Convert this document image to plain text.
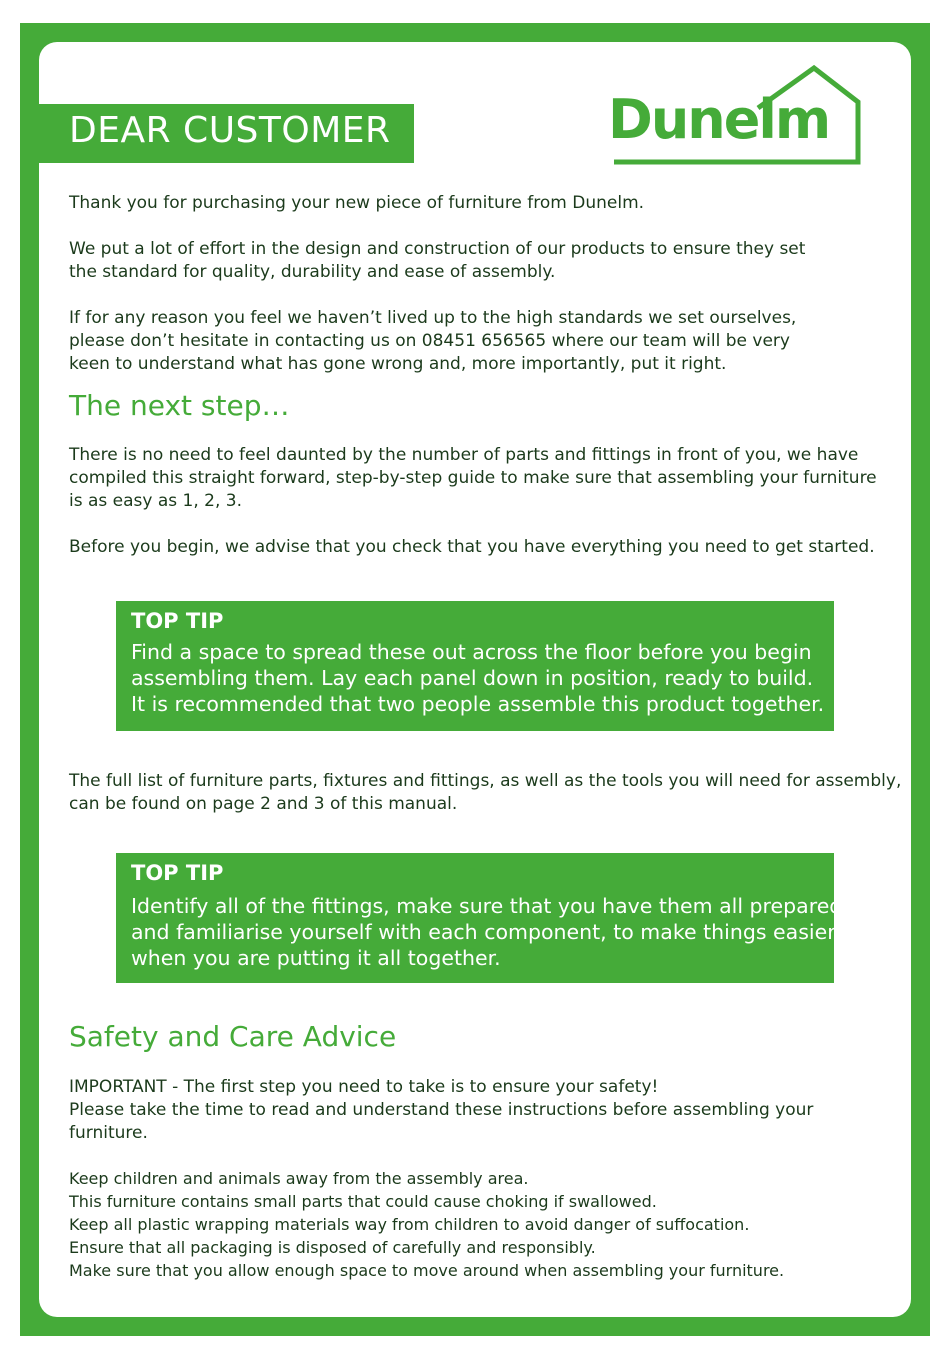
DEAR CUSTOMER	Dunelm

Thank you for purchasing your new piece of furniture from Dunelm.

We put a lot of effort in the design and construction of our products to ensure they set
the standard for quality, durability and ease of assembly.

If for any reason you feel we haven’t lived up to the high standards we set ourselves,
please don’t hesitate in contacting us on 08451 656565 where our team will be very
keen to understand what has gone wrong and, more importantly, put it right.

The next step…

There is no need to feel daunted by the number of parts and fittings in front of you, we have
compiled this straight forward, step-by-step guide to make sure that assembling your furniture
is as easy as 1, 2, 3.

Before you begin, we advise that you check that you have everything you need to get started.

TOP TIP

Find a space to spread these out across the floor before you begin
assembling them. Lay each panel down in position, ready to build.
It is recommended that two people assemble this product together.

The full list of furniture parts, fixtures and fittings, as well as the tools you will need for assembly,
can be found on page 2 and 3 of this manual.

TOP TIP

Identify all of the fittings, make sure that you have them all prepared
and familiarise yourself with each component, to make things easier
when you are putting it all together.

Safety and Care Advice

IMPORTANT - The first step you need to take is to ensure your safety!
Please take the time to read and understand these instructions before assembling your
furniture.

Keep children and animals away from the assembly area.
This furniture contains small parts that could cause choking if swallowed.
Keep all plastic wrapping materials way from children to avoid danger of suffocation.
Ensure that all packaging is disposed of carefully and responsibly.
Make sure that you allow enough space to move around when assembling your furniture.
